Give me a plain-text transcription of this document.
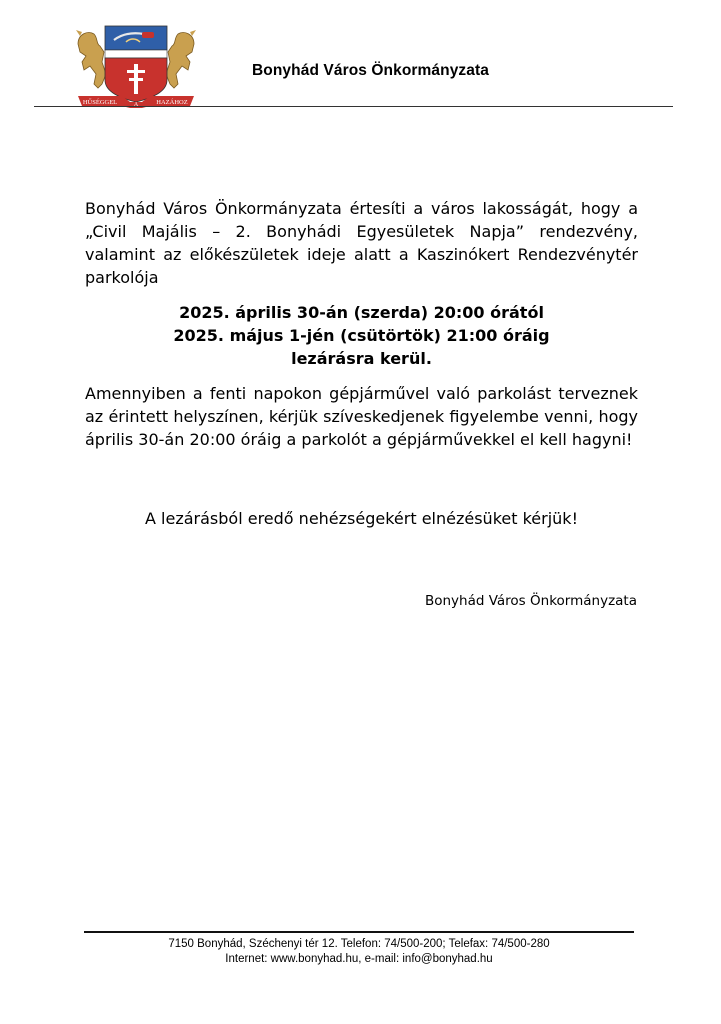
HŰSÉGGEL	A	HAZÁHOZ
Bonyhád Város Önkormányzata

Bonyhád Város Önkormányzata értesíti a város lakosságát, hogy a „Civil Majális – 2. Bonyhádi Egyesületek Napja” rendezvény, valamint az előkészületek ideje alatt a Kaszinókert Rendezvénytér parkolója

2025. április 30-án (szerda) 20:00 órától
2025. május 1-jén (csütörtök) 21:00 óráig
lezárásra kerül.

Amennyiben a fenti napokon gépjárművel való parkolást terveznek az érintett helyszínen, kérjük szíveskedjenek figyelembe venni, hogy április 30-án 20:00 óráig a parkolót a gépjárművekkel el kell hagyni!

A lezárásból eredő nehézségekért elnézésüket kérjük!
Bonyhád Város Önkormányzata
7150 Bonyhád, Széchenyi tér 12. Telefon: 74/500-200; Telefax: 74/500-280
Internet: www.bonyhad.hu, e-mail: info@bonyhad.hu
